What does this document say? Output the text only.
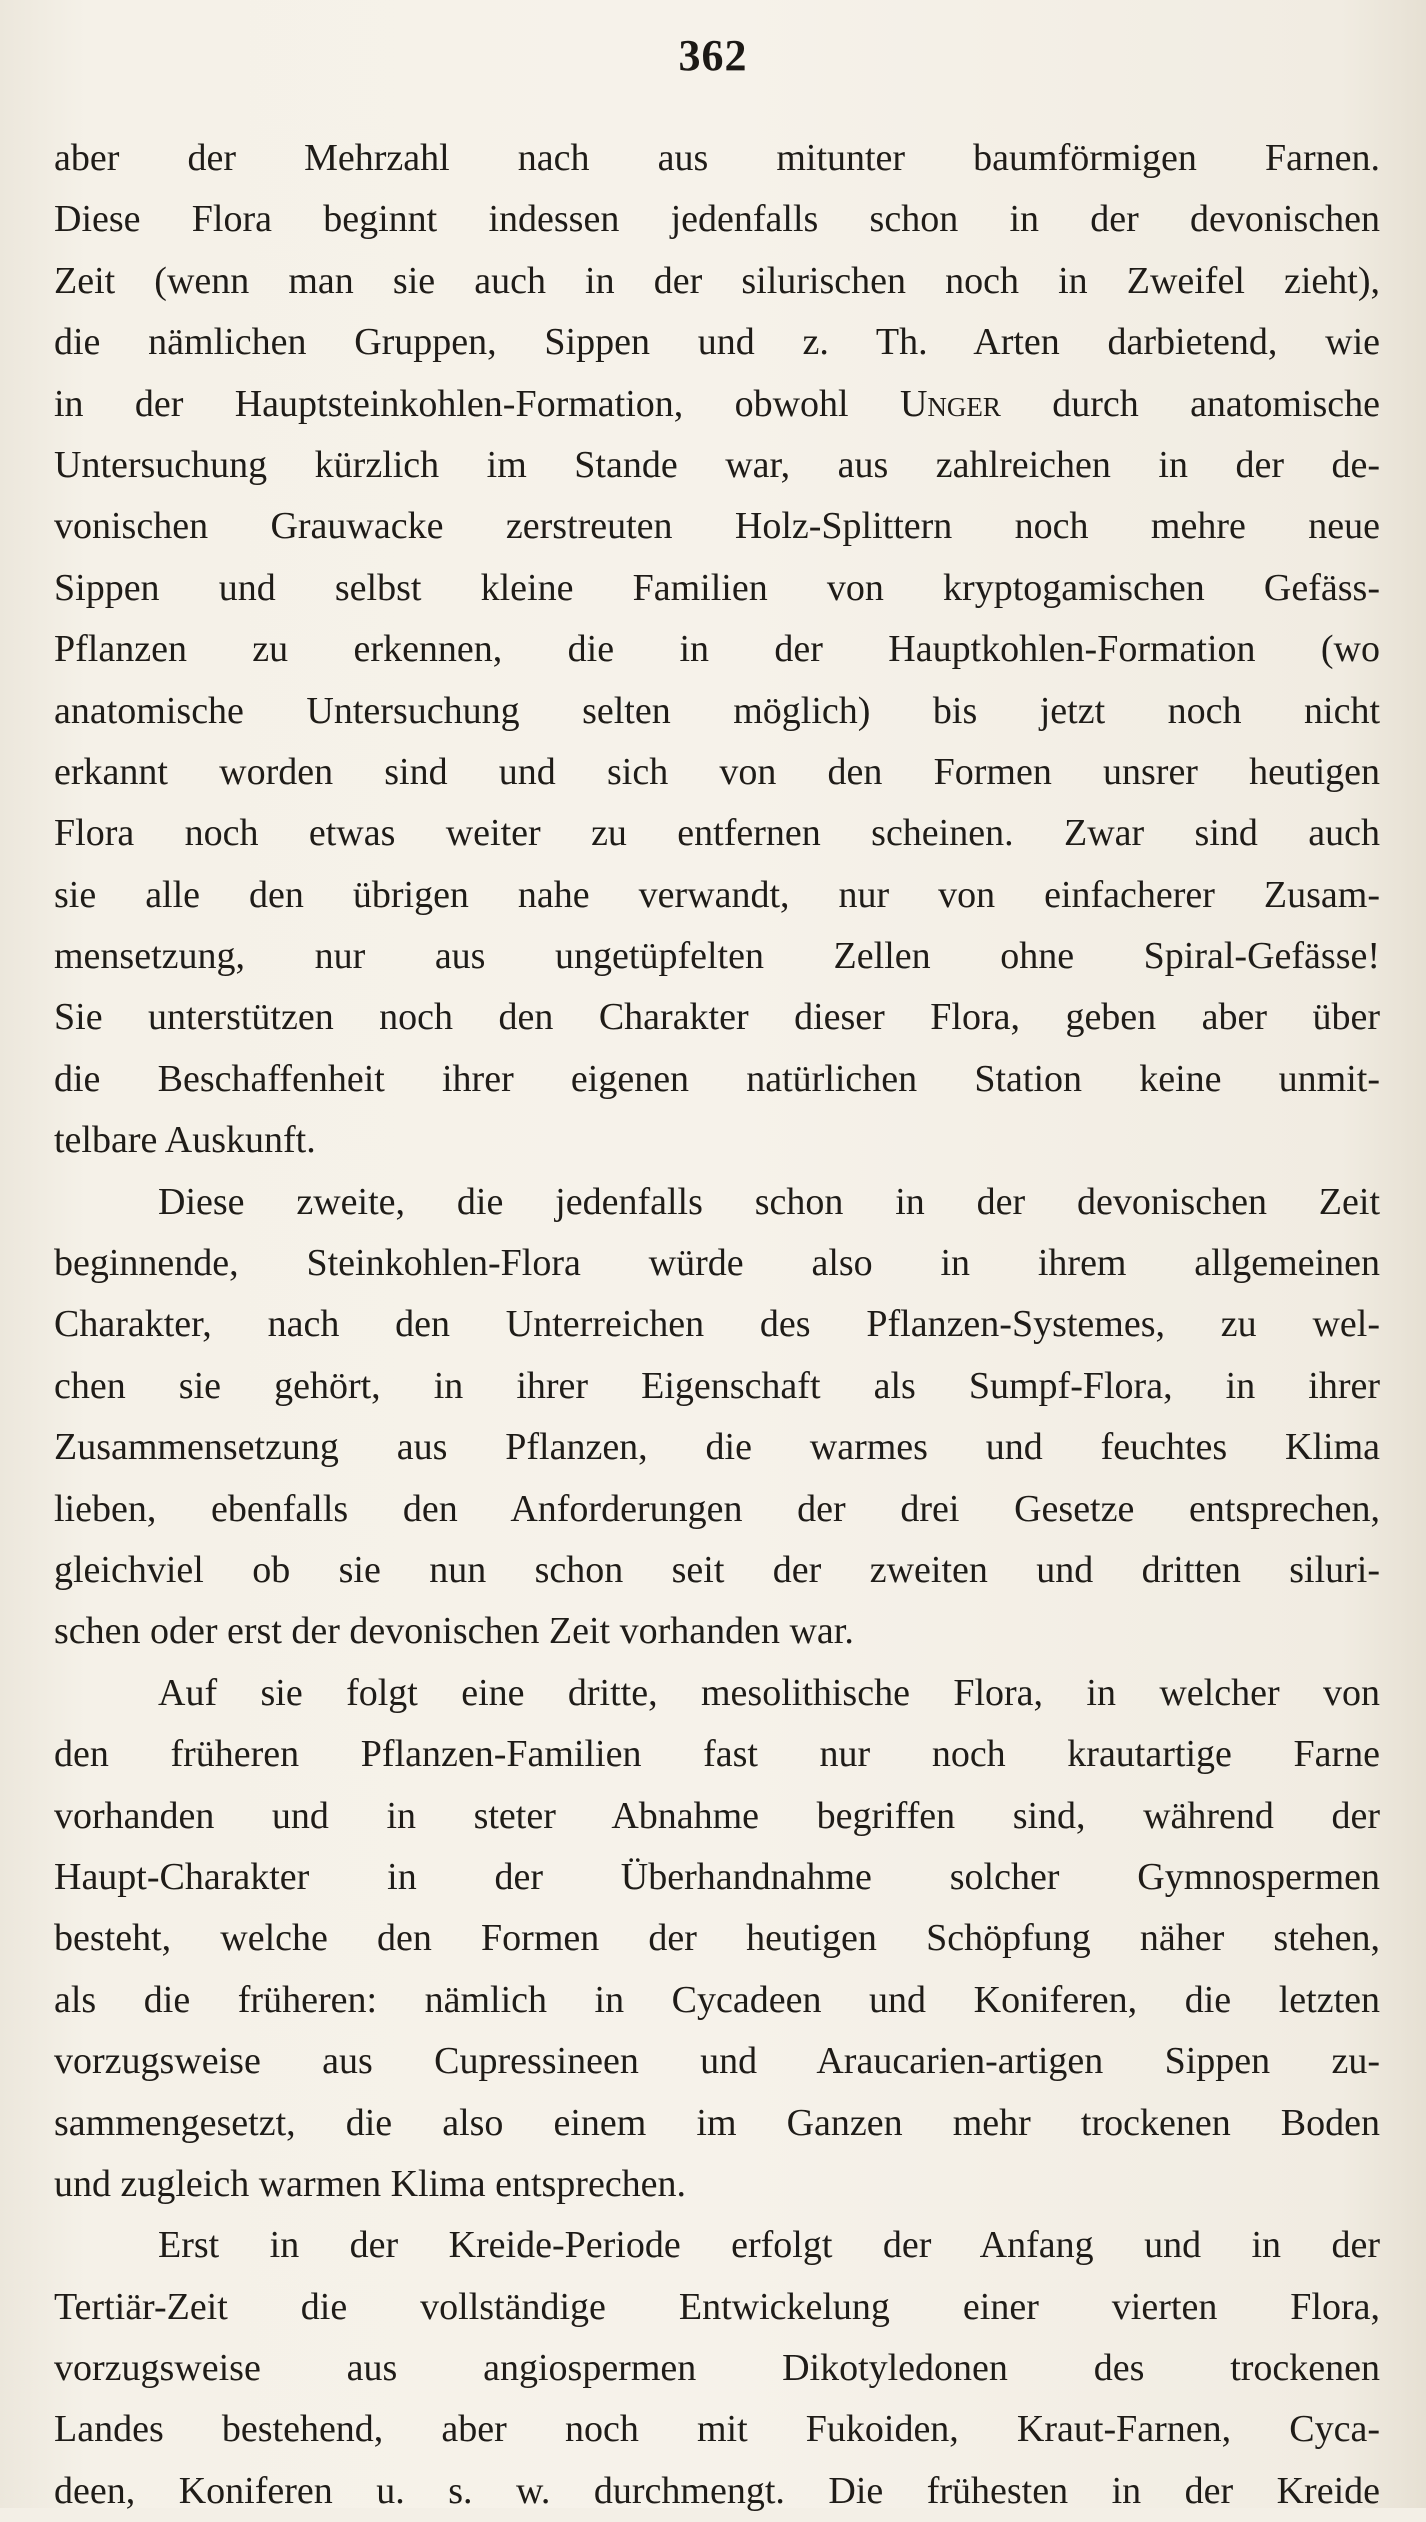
362
aber der Mehrzahl nach aus mitunter baumförmigen Farnen.
Diese Flora beginnt indessen jedenfalls schon in der devonischen
Zeit (wenn man sie auch in der silurischen noch in Zweifel zieht),
die nämlichen Gruppen, Sippen und z. Th. Arten darbietend, wie
in der Hauptsteinkohlen-Formation, obwohl Unger durch anatomische
Untersuchung kürzlich im Stande war, aus zahlreichen in der de-
vonischen Grauwacke zerstreuten Holz-Splittern noch mehre neue
Sippen und selbst kleine Familien von kryptogamischen Gefäss-
Pflanzen zu erkennen, die in der Hauptkohlen-Formation (wo
anatomische Untersuchung selten möglich) bis jetzt noch nicht
erkannt worden sind und sich von den Formen unsrer heutigen
Flora noch etwas weiter zu entfernen scheinen. Zwar sind auch
sie alle den übrigen nahe verwandt, nur von einfacherer Zusam-
mensetzung, nur aus ungetüpfelten Zellen ohne Spiral-Gefässe!
Sie unterstützen noch den Charakter dieser Flora, geben aber über
die Beschaffenheit ihrer eigenen natürlichen Station keine unmit-
telbare Auskunft.
Diese zweite, die jedenfalls schon in der devonischen Zeit
beginnende, Steinkohlen-Flora würde also in ihrem allgemeinen
Charakter, nach den Unterreichen des Pflanzen-Systemes, zu wel-
chen sie gehört, in ihrer Eigenschaft als Sumpf-Flora, in ihrer
Zusammensetzung aus Pflanzen, die warmes und feuchtes Klima
lieben, ebenfalls den Anforderungen der drei Gesetze entsprechen,
gleichviel ob sie nun schon seit der zweiten und dritten siluri-
schen oder erst der devonischen Zeit vorhanden war.
Auf sie folgt eine dritte, mesolithische Flora, in welcher von
den früheren Pflanzen-Familien fast nur noch krautartige Farne
vorhanden und in steter Abnahme begriffen sind, während der
Haupt-Charakter in der Überhandnahme solcher Gymnospermen
besteht, welche den Formen der heutigen Schöpfung näher stehen,
als die früheren: nämlich in Cycadeen und Koniferen, die letzten
vorzugsweise aus Cupressineen und Araucarien-artigen Sippen zu-
sammengesetzt, die also einem im Ganzen mehr trockenen Boden
und zugleich warmen Klima entsprechen.
Erst in der Kreide-Periode erfolgt der Anfang und in der
Tertiär-Zeit die vollständige Entwickelung einer vierten Flora,
vorzugsweise aus angiospermen Dikotyledonen des trockenen
Landes bestehend, aber noch mit Fukoiden, Kraut-Farnen, Cyca-
deen, Koniferen u. s. w. durchmengt. Die frühesten in der Kreide
